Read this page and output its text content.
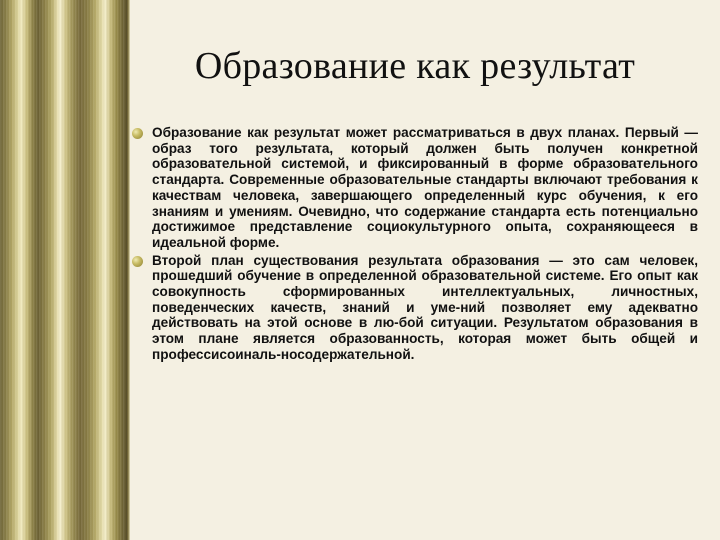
Образование как результат

Образование как результат может рассматриваться в двух планах. Первый — образ того результата, который должен быть получен конкретной образовательной системой, и фиксированный в форме образовательного стандарта. Современные образовательные стандарты включают требования к качествам человека, завершающего определенный курс обучения, к его знаниям и умениям. Очевидно, что содержание стандарта есть потенциально достижимое представление социокультурного опыта, сохраняющееся в идеальной форме.

Второй план существования результата образования — это сам человек, прошедший обучение в определенной образовательной системе. Его опыт как совокупность сформированных интеллектуальных, личностных, поведенческих качеств, знаний и уме-ний позволяет ему адекватно действовать на этой основе в лю-бой ситуации. Результатом образования в этом плане является образованность, которая может быть общей и профессисоиналь-носодержательной.
